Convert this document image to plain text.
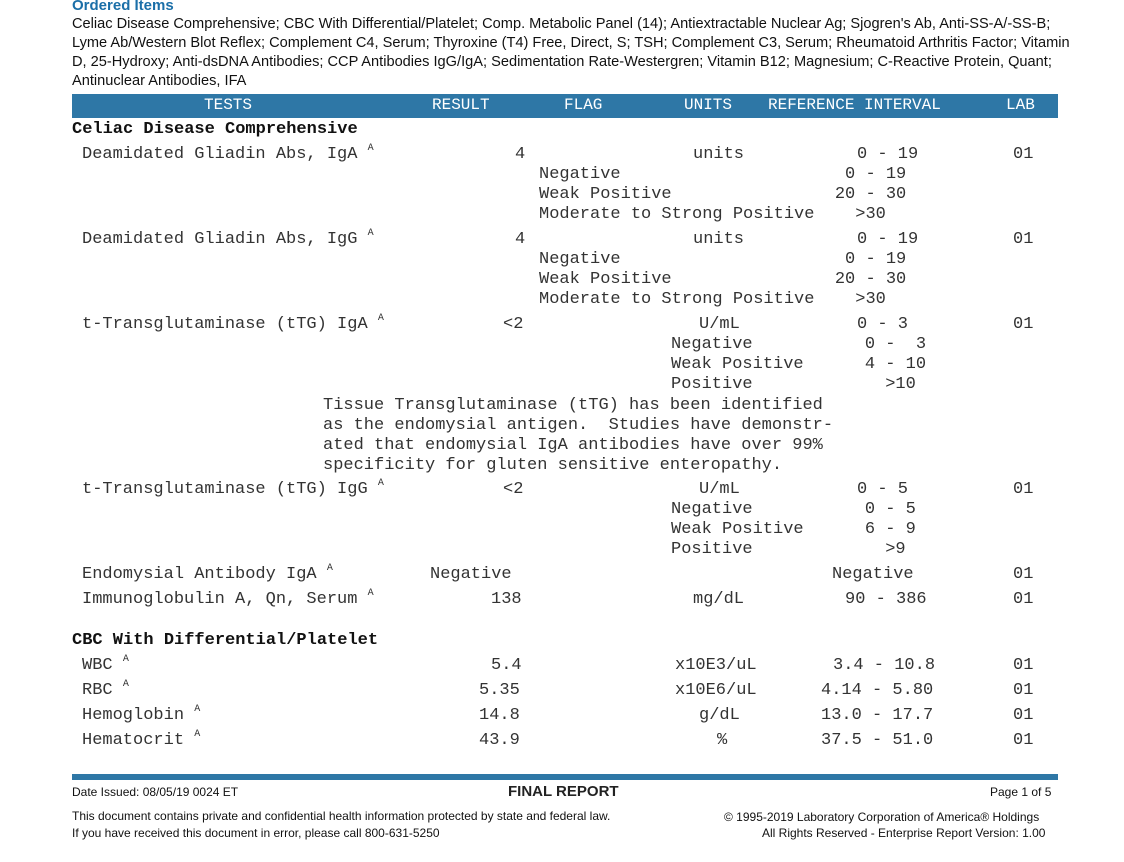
Ordered Items
Celiac Disease Comprehensive; CBC With Differential/Platelet; Comp. Metabolic Panel (14); Antiextractable Nuclear Ag; Sjogren's Ab, Anti-SS-A/-SS-B; Lyme Ab/Western Blot Reflex; Complement C4, Serum; Thyroxine (T4) Free, Direct, S; TSH; Complement C3, Serum; Rheumatoid Arthritis Factor; Vitamin D, 25-Hydroxy; Anti-dsDNA Antibodies; CCP Antibodies IgG/IgA; Sedimentation Rate-Westergren; Vitamin B12; Magnesium; C-Reactive Protein, Quant; Antinuclear Antibodies, IFA
TESTS	RESULT	FLAG	UNITS REFERENCE INTERVAL	LAB
Celiac Disease Comprehensive
Deamidated Gliadin Abs, IgA $^A$	4	units	0 - 19	01
Negative                      0 - 19
Weak Positive                20 - 30
Moderate to Strong Positive    >30
Deamidated Gliadin Abs, IgG $^A$	4	units	0 - 19	01
Negative                      0 - 19
Weak Positive                20 - 30
Moderate to Strong Positive    >30
t-Transglutaminase (tTG) IgA $^A$	<2	U/mL	0 - 3	01
Negative           0 -  3
Weak Positive      4 - 10
Positive             >10
Tissue Transglutaminase (tTG) has been identified
as the endomysial antigen.  Studies have demonstr-
ated that endomysial IgA antibodies have over 99%
specificity for gluten sensitive enteropathy.
t-Transglutaminase (tTG) IgG $^A$	<2	U/mL	0 - 5	01
Negative           0 - 5
Weak Positive      6 - 9
Positive             >9
Endomysial Antibody IgA $^A$	Negative	Negative	01
Immunoglobulin A, Qn, Serum $^A$	138	mg/dL	90 - 386	01
CBC With Differential/Platelet
WBC $^A$	5.4	x10E3/uL	3.4 - 10.8	01
RBC $^A$	5.35	x10E6/uL	4.14 - 5.80	01
Hemoglobin $^A$	14.8	g/dL	13.0 - 17.7	01
Hematocrit $^A$	43.9	%	37.5 - 51.0	01
Date Issued: 08/05/19 0024 ET	FINAL REPORT	Page 1 of 5
This document contains private and confidential health information protected by state and federal law.
If you have received this document in error, please call 800-631-5250
© 1995-2019 Laboratory Corporation of America® Holdings
All Rights Reserved - Enterprise Report Version: 1.00
